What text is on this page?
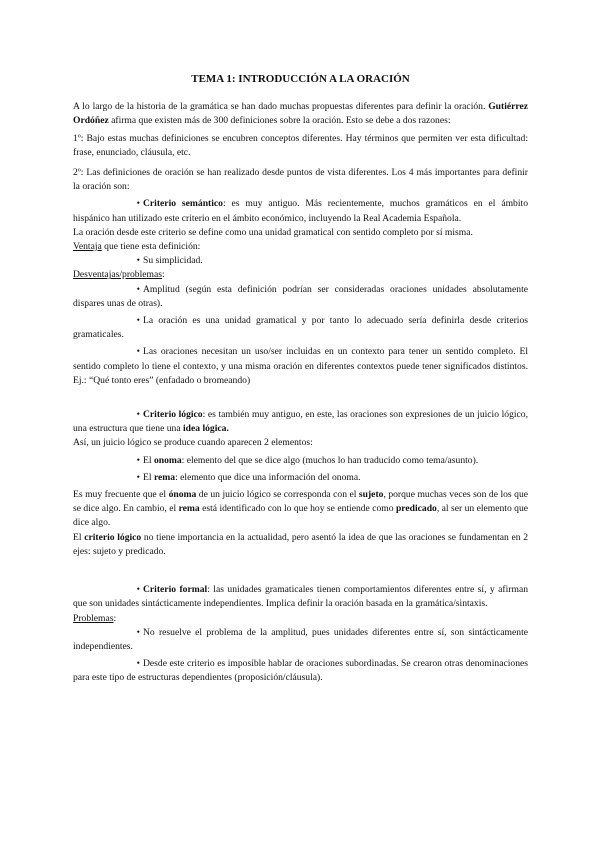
TEMA 1: INTRODUCCIÓN A LA ORACIÓN

A lo largo de la historia de la gramática se han dado muchas propuestas diferentes para definir la oración. Gutiérrez Ordóñez afirma que existen más de 300 definiciones sobre la oración. Esto se debe a dos razones:

1º: Bajo estas muchas definiciones se encubren conceptos diferentes. Hay términos que permiten ver esta dificultad: frase, enunciado, cláusula, etc.

2º: Las definiciones de oración se han realizado desde puntos de vista diferentes. Los 4 más importantes para definir la oración son:

• Criterio semántico: es muy antiguo. Más recientemente, muchos gramáticos en el ámbito hispánico han utilizado este criterio en el ámbito económico, incluyendo la Real Academia Española.

La oración desde este criterio se define como una unidad gramatical con sentido completo por sí misma.

Ventaja que tiene esta definición:

• Su simplicidad.

Desventajas/problemas:

• Amplitud (según esta definición podrían ser consideradas oraciones unidades absolutamente dispares unas de otras).

• La oración es una unidad gramatical y por tanto lo adecuado sería definirla desde criterios gramaticales.

• Las oraciones necesitan un uso/ser incluidas en un contexto para tener un sentido completo. El sentido completo lo tiene el contexto, y una misma oración en diferentes contextos puede tener significados distintos. Ej.: “Qué tonto eres” (enfadado o bromeando)

• Criterio lógico: es también muy antiguo, en este, las oraciones son expresiones de un juicio lógico, una estructura que tiene una idea lógica.

Así, un juicio lógico se produce cuando aparecen 2 elementos:

• El onoma: elemento del que se dice algo (muchos lo han traducido como tema/asunto).

• El rema: elemento que dice una información del onoma.

Es muy frecuente que el ónoma de un juicio lógico se corresponda con el sujeto, porque muchas veces son de los que se dice algo. En cambio, el rema está identificado con lo que hoy se entiende como predicado, al ser un elemento que dice algo.

El criterio lógico no tiene importancia en la actualidad, pero asentó la idea de que las oraciones se fundamentan en 2 ejes: sujeto y predicado.

• Criterio formal: las unidades gramaticales tienen comportamientos diferentes entre sí, y afirman que son unidades sintácticamente independientes. Implica definir la oración basada en la gramática/sintaxis.

Problemas:

• No resuelve el problema de la amplitud, pues unidades diferentes entre sí, son sintácticamente independientes.

• Desde este criterio es imposible hablar de oraciones subordinadas. Se crearon otras denominaciones para este tipo de estructuras dependientes (proposición/cláusula).
